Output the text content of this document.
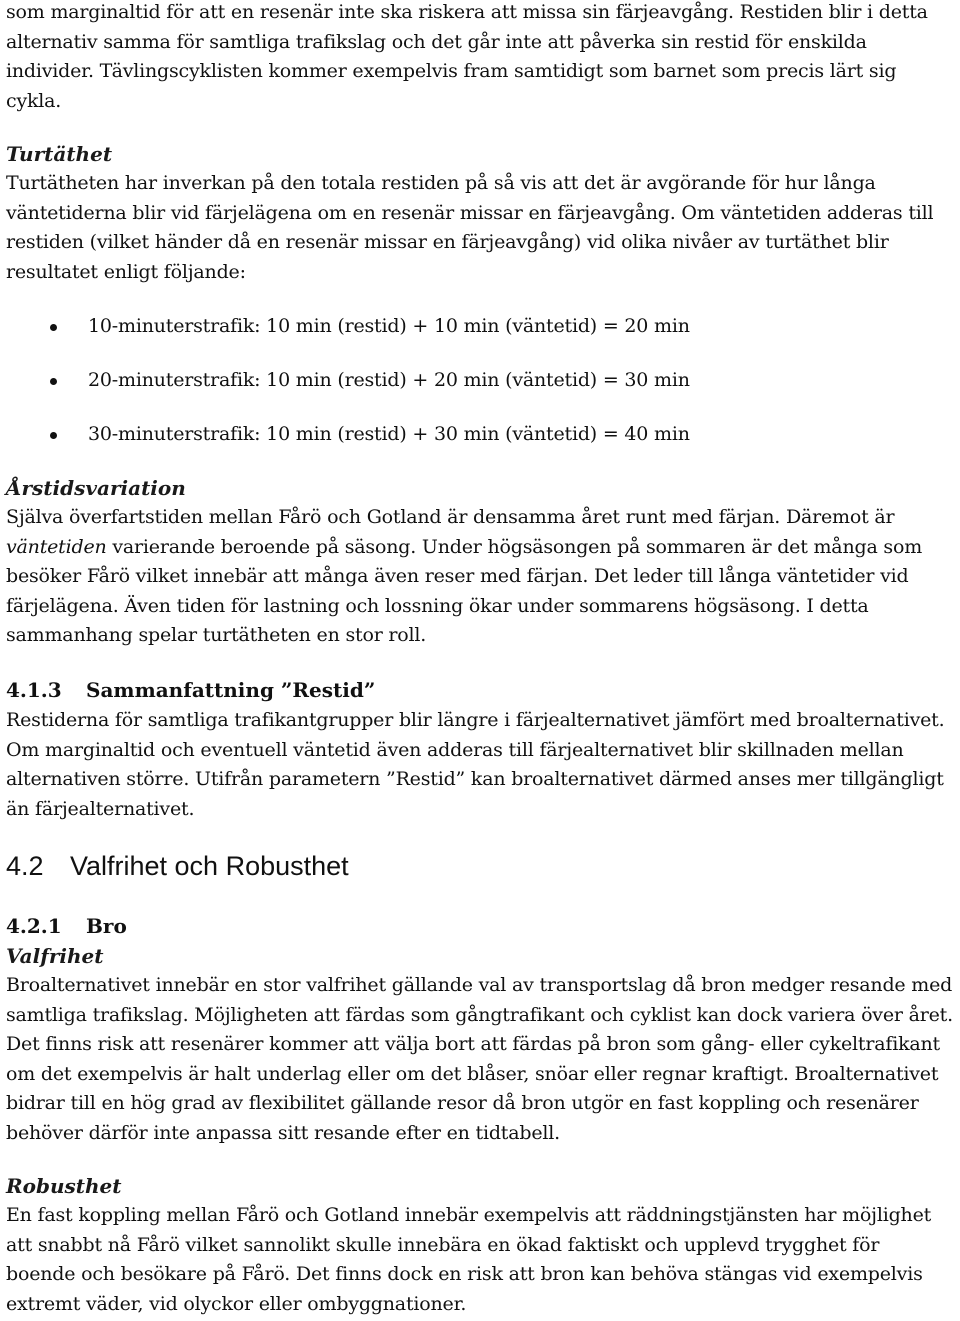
som marginaltid för att en resenär inte ska riskera att missa sin färjeavgång. Restiden blir i detta alternativ samma för samtliga trafikslag och det går inte att påverka sin restid för enskilda individer. Tävlingscyklisten kommer exempelvis fram samtidigt som barnet som precis lärt sig cykla.

Turtäthet

Turtätheten har inverkan på den totala restiden på så vis att det är avgörande för hur långa väntetiderna blir vid färjelägena om en resenär missar en färjeavgång. Om väntetiden adderas till restiden (vilket händer då en resenär missar en färjeavgång) vid olika nivåer av turtäthet blir resultatet enligt följande:

10-minuterstrafik: 10 min (restid) + 10 min (väntetid) = 20 min
20-minuterstrafik: 10 min (restid) + 20 min (väntetid) = 30 min
30-minuterstrafik: 10 min (restid) + 30 min (väntetid) = 40 min
Årstidsvariation

Själva överfartstiden mellan Fårö och Gotland är densamma året runt med färjan. Däremot är väntetiden varierande beroende på säsong. Under högsäsongen på sommaren är det många som besöker Fårö vilket innebär att många även reser med färjan. Det leder till långa väntetider vid färjelägena. Även tiden för lastning och lossning ökar under sommarens högsäsong. I detta sammanhang spelar turtätheten en stor roll.

4.1.3 Sammanfattning ”Restid”

Restiderna för samtliga trafikantgrupper blir längre i färjealternativet jämfört med broalternativet. Om marginaltid och eventuell väntetid även adderas till färjealternativet blir skillnaden mellan alternativen större. Utifrån parametern ”Restid” kan broalternativet därmed anses mer tillgängligt än färjealternativet.

4.2 Valfrihet och Robusthet
4.2.1 Bro
Valfrihet

Broalternativet innebär en stor valfrihet gällande val av transportslag då bron medger resande med samtliga trafikslag. Möjligheten att färdas som gångtrafikant och cyklist kan dock variera över året. Det finns risk att resenärer kommer att välja bort att färdas på bron som gång- eller cykeltrafikant om det exempelvis är halt underlag eller om det blåser, snöar eller regnar kraftigt. Broalternativet bidrar till en hög grad av flexibilitet gällande resor då bron utgör en fast koppling och resenärer behöver därför inte anpassa sitt resande efter en tidtabell.

Robusthet

En fast koppling mellan Fårö och Gotland innebär exempelvis att räddningstjänsten har möjlighet att snabbt nå Fårö vilket sannolikt skulle innebära en ökad faktiskt och upplevd trygghet för boende och besökare på Fårö. Det finns dock en risk att bron kan behöva stängas vid exempelvis extremt väder, vid olyckor eller ombyggnationer.
